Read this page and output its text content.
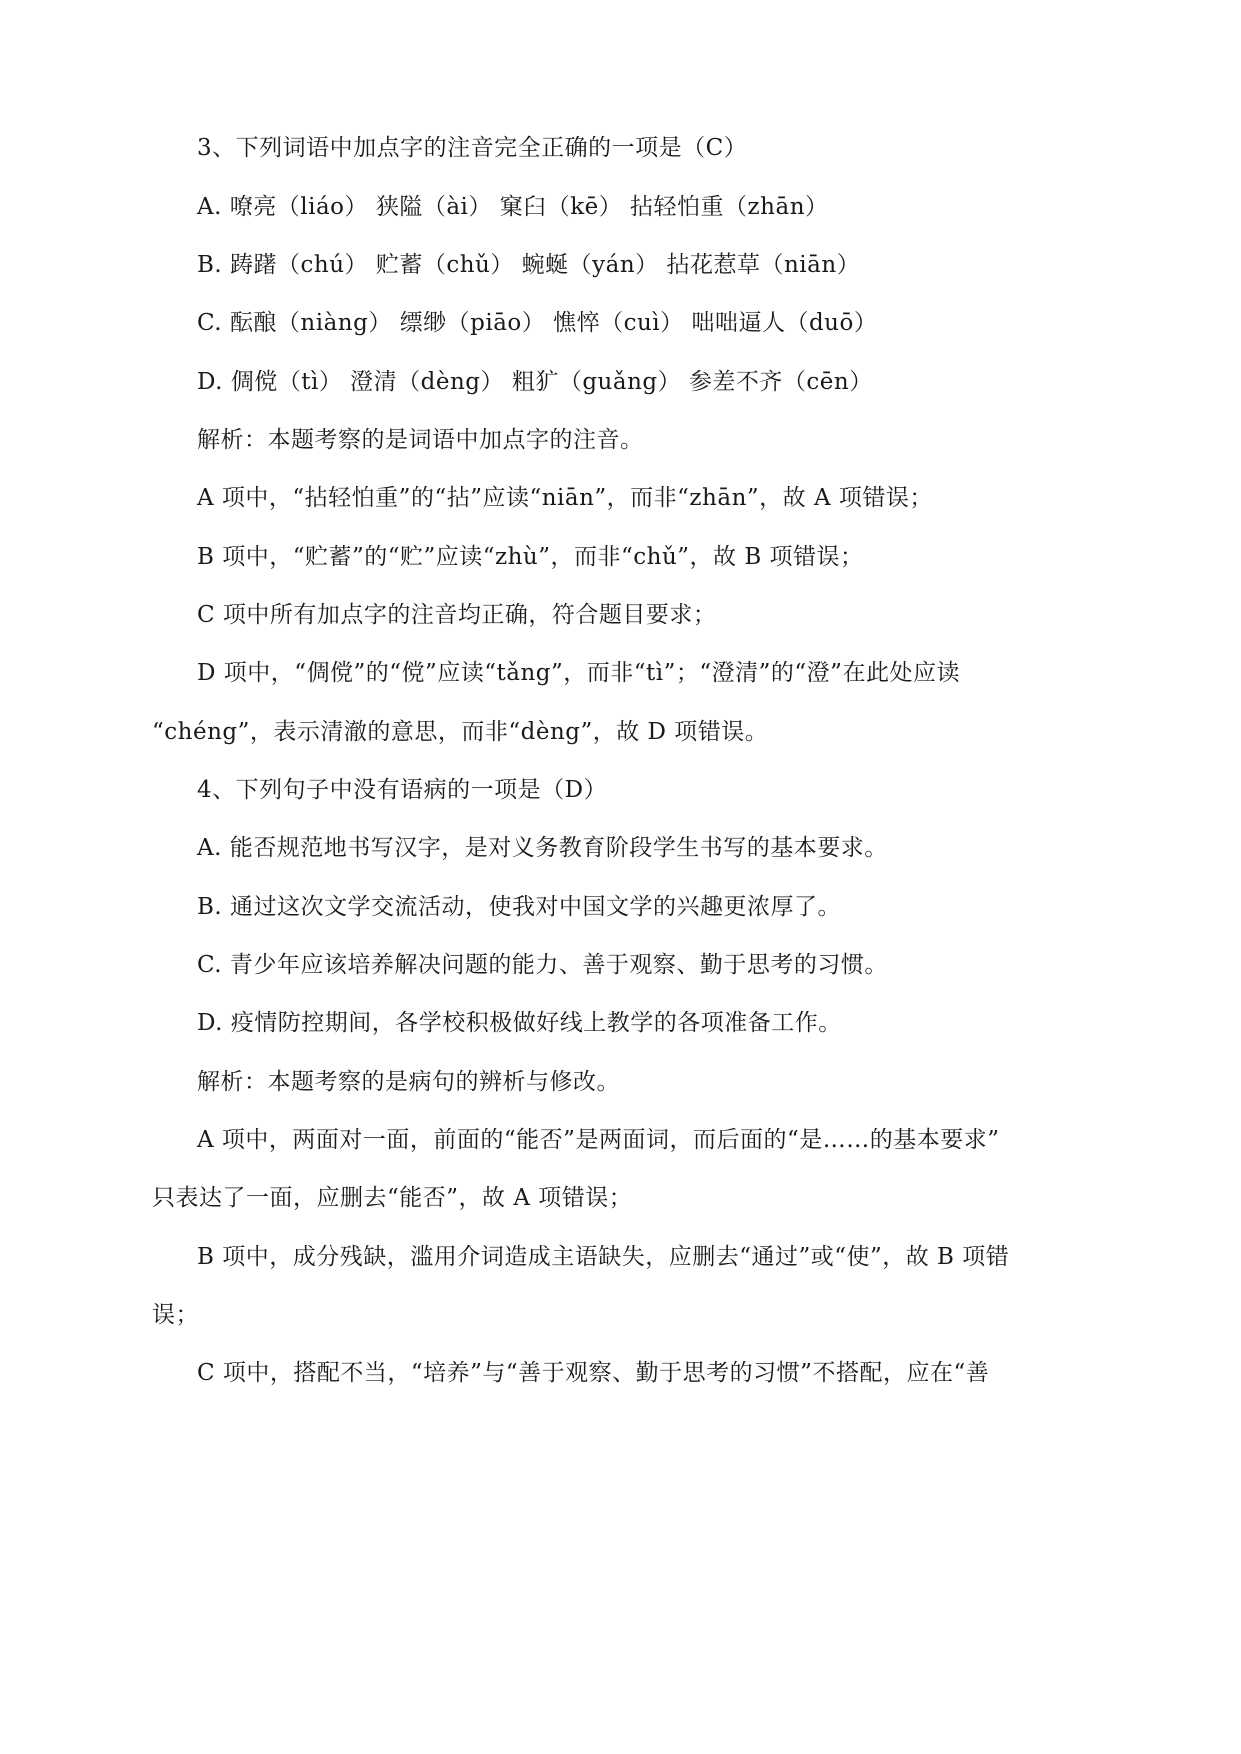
3、下列词语中加点字的注音完全正确的一项是（C）
A. 嘹亮（liáo） 狭隘（ài） 窠臼（kē） 拈轻怕重（zhān）
B. 踌躇（chú） 贮蓄（chǔ） 蜿蜒（yán） 拈花惹草（niān）
C. 酝酿（niàng） 缥缈（piāo） 憔悴（cuì） 咄咄逼人（duō）
D. 倜傥（tì） 澄清（dèng） 粗犷（guǎng） 参差不齐（cēn）
解析：本题考察的是词语中加点字的注音。
A 项中，“拈轻怕重”的“拈”应读“niān”，而非“zhān”，故 A 项错误；
B 项中，“贮蓄”的“贮”应读“zhù”，而非“chǔ”，故 B 项错误；
C 项中所有加点字的注音均正确，符合题目要求；
D 项中，“倜傥”的“傥”应读“tǎng”，而非“tì”；“澄清”的“澄”在此处应读
“chéng”，表示清澈的意思，而非“dèng”，故 D 项错误。
4、下列句子中没有语病的一项是（D）
A. 能否规范地书写汉字，是对义务教育阶段学生书写的基本要求。
B. 通过这次文学交流活动，使我对中国文学的兴趣更浓厚了。
C. 青少年应该培养解决问题的能力、善于观察、勤于思考的习惯。
D. 疫情防控期间，各学校积极做好线上教学的各项准备工作。
解析：本题考察的是病句的辨析与修改。
A 项中，两面对一面，前面的“能否”是两面词，而后面的“是……的基本要求”
只表达了一面，应删去“能否”，故 A 项错误；
B 项中，成分残缺，滥用介词造成主语缺失，应删去“通过”或“使”，故 B 项错
误；
C 项中，搭配不当，“培养”与“善于观察、勤于思考的习惯”不搭配，应在“善
